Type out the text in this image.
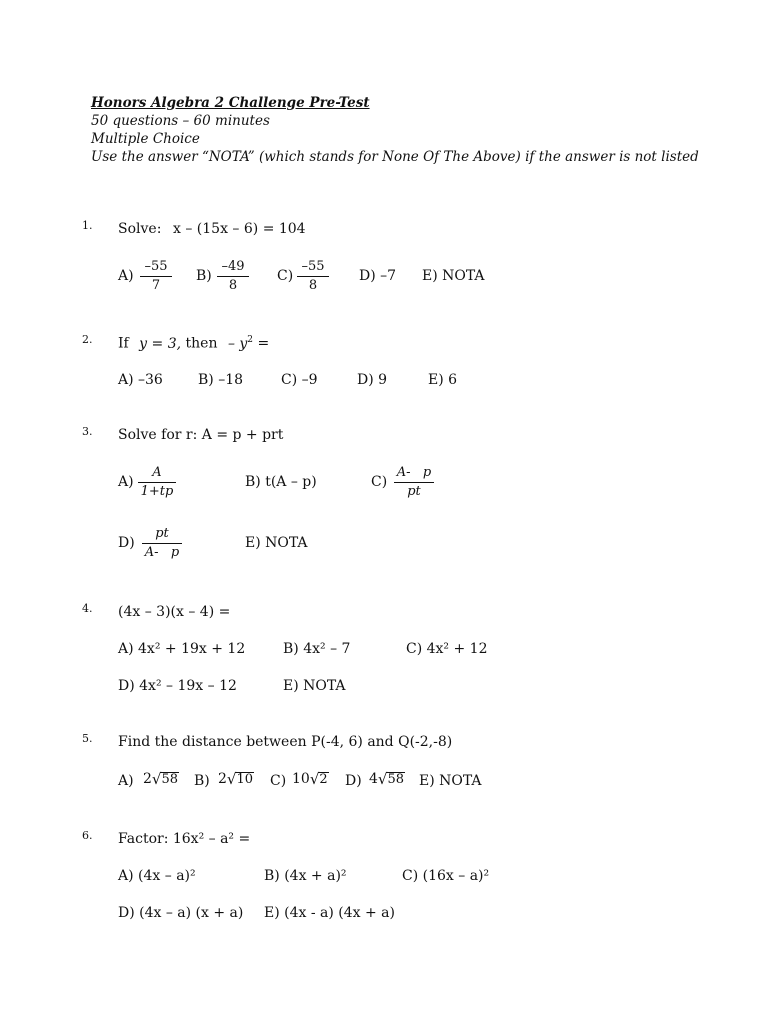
Honors Algebra 2 Challenge Pre-Test
50 questions – 60 minutes
Multiple Choice
Use the answer “NOTA” (which stands for None Of The Above) if the answer is not listed
1. Solve: x – (15x – 6) = 104
A)
–55
7
B)
–49
8
C)
–55
8
D) –7 E) NOTA
2. If y = 3, then – $y^2$ =
A) –36	B) –18	C) –9	D) 9	E) 6
3. Solve for r: A = p + prt
A)
A
1+tp
B) t(A – p)	C)
A-   p
pt
D)
pt
A-   p
E) NOTA
4. (4x – 3)(x – 4) =
A) 4x² + 19x + 12	B) 4x² – 7	C) 4x² + 12
D) 4x² – 19x – 12	E) NOTA
5. Find the distance between P(-4, 6) and Q(-2,-8)
A) 2 √ 58 B) 2 √ 10 C) 10 √ 2 D) 4 √ 58 E) NOTA
6. Factor: 16x² – a² =
A) (4x – a)²	B) (4x + a)²	C) (16x – a)²
D) (4x – a) (x + a) E) (4x - a) (4x + a)
